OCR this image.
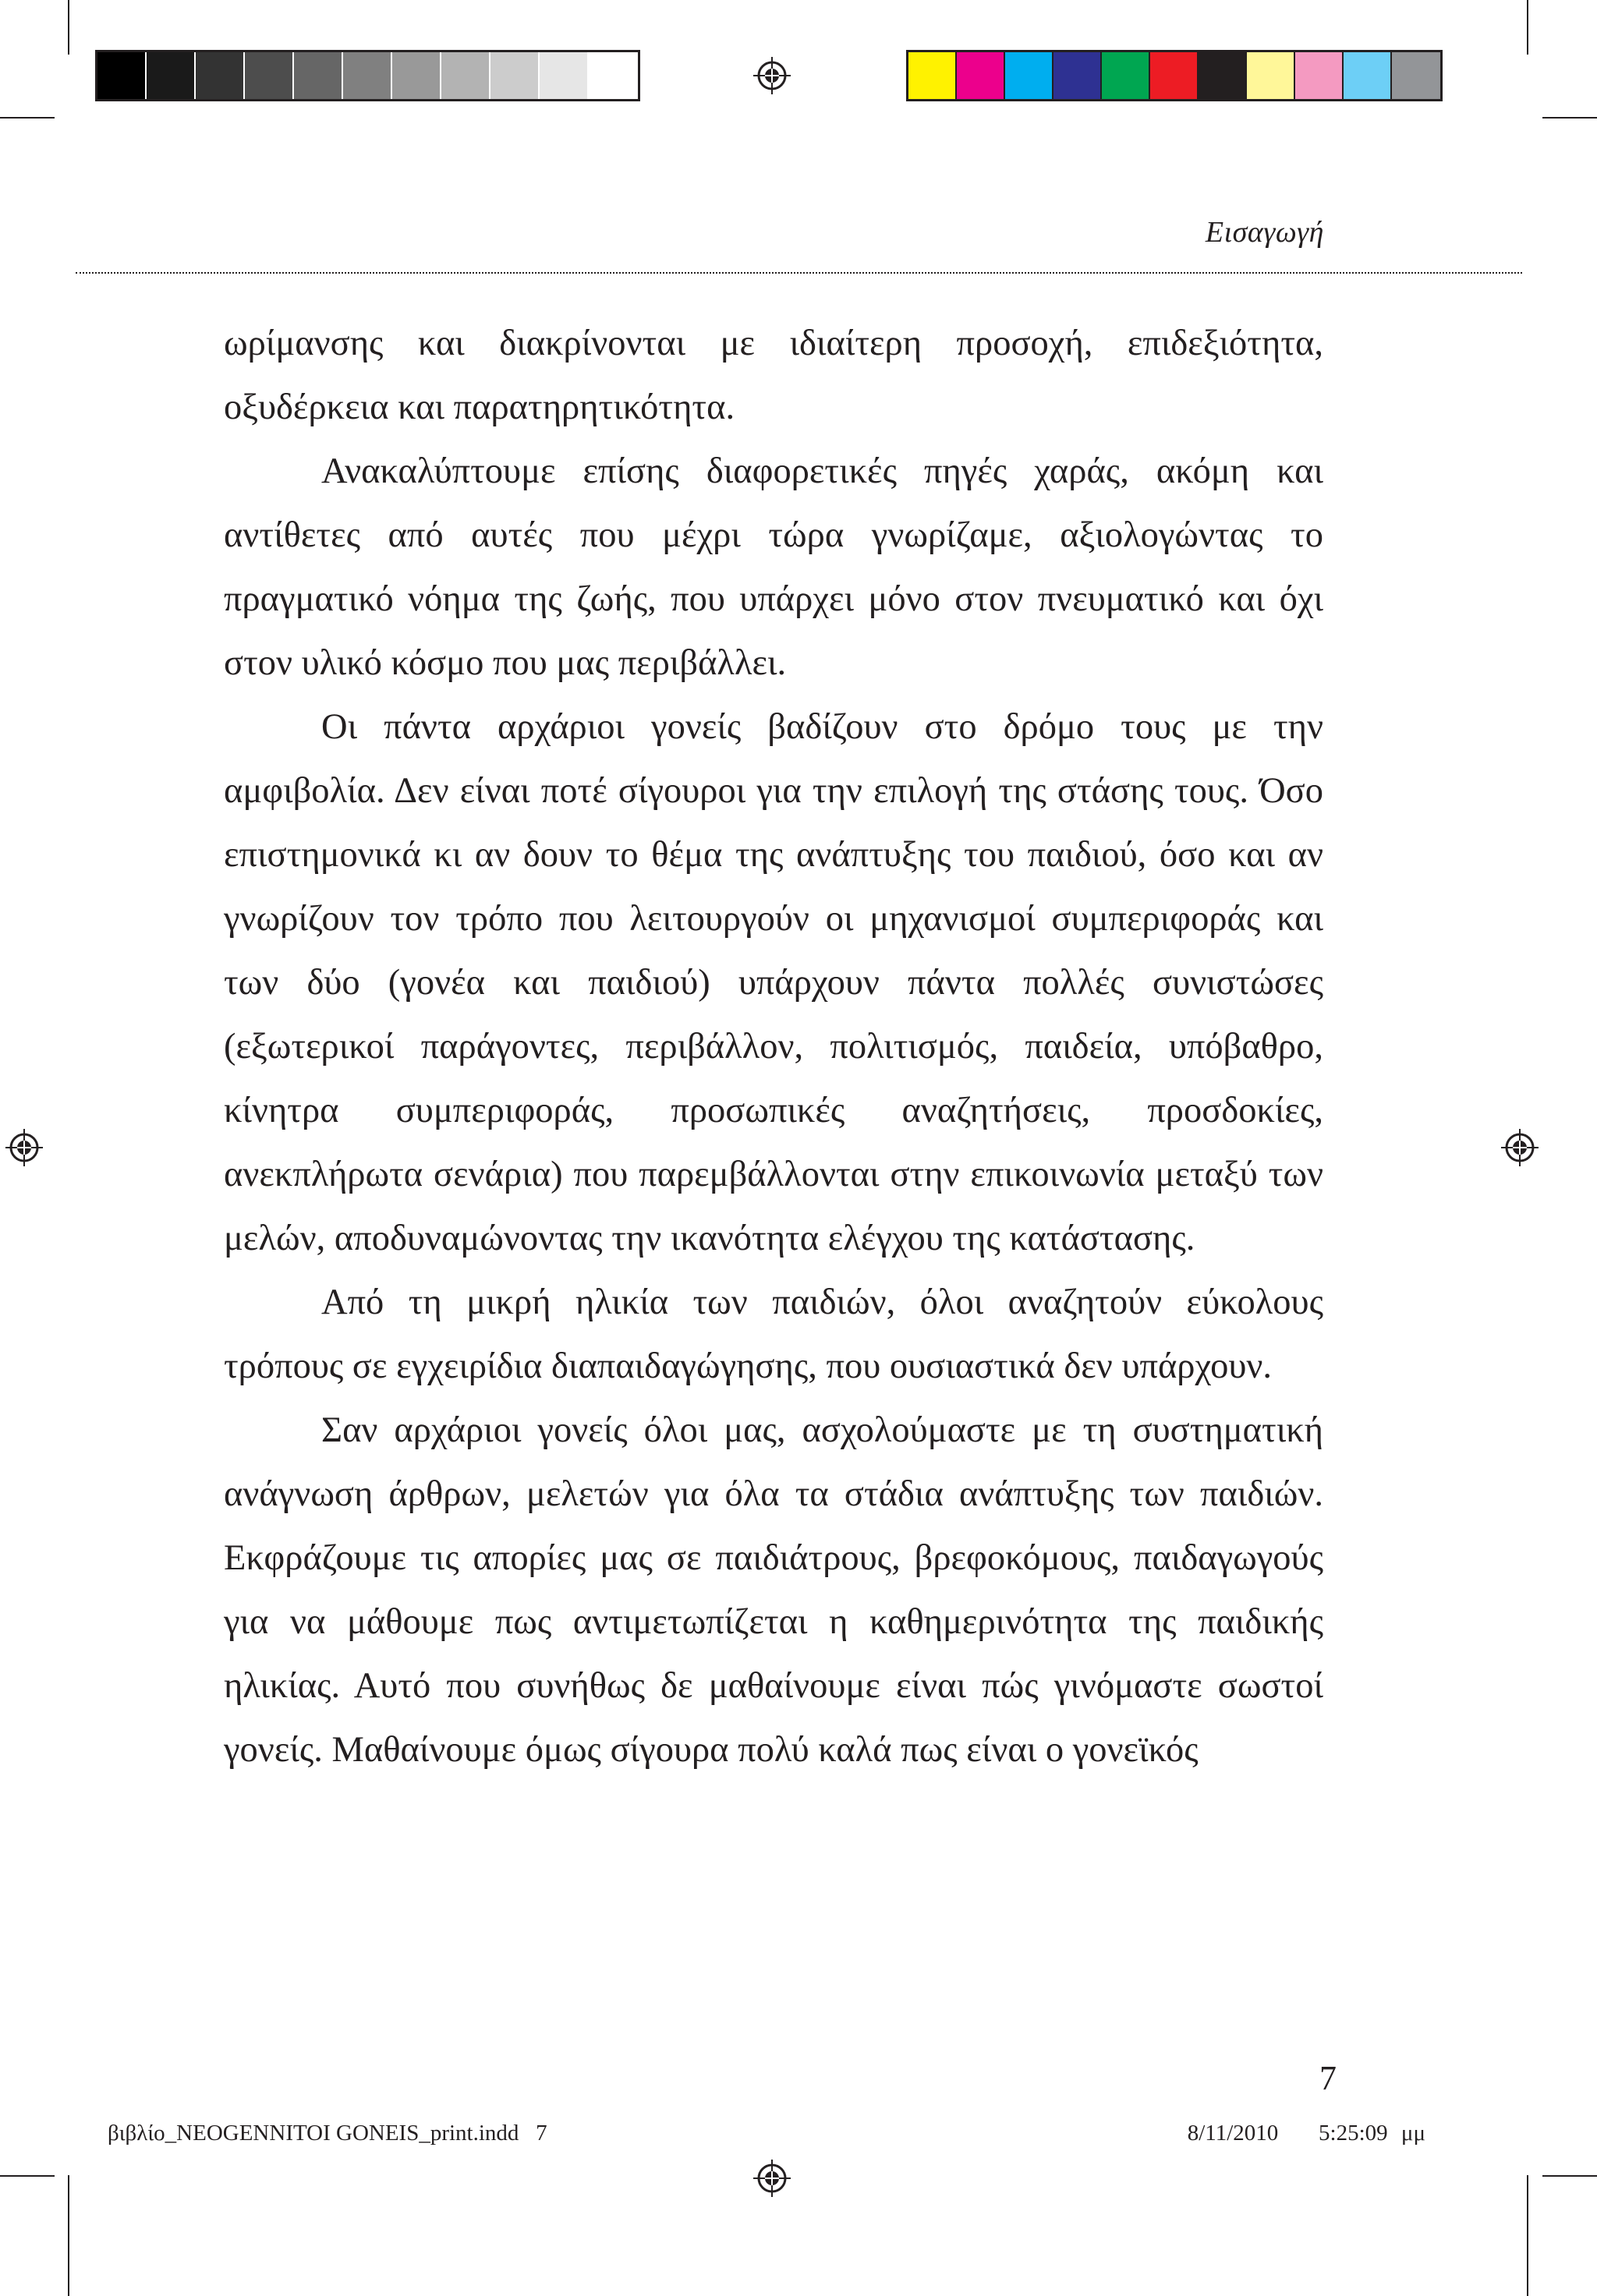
Εισαγωγή

ωρίμανσης και διακρίνονται με ιδιαίτερη προσοχή, επιδεξιότητα, οξυδέρκεια και παρατηρητικότητα.

Ανακαλύπτουμε επίσης διαφορετικές πηγές χαράς, ακόμη και αντίθετες από αυτές που μέχρι τώρα γνωρίζαμε, αξιολογώντας το πραγματικό νόημα της ζωής, που υπάρχει μόνο στον πνευματικό και όχι στον υλικό κόσμο που μας περιβάλλει.

Οι πάντα αρχάριοι γονείς βαδίζουν στο δρόμο τους με την αμφιβολία. Δεν είναι ποτέ σίγουροι για την επιλογή της στάσης τους. Όσο επιστημονικά κι αν δουν το θέμα της ανάπτυξης του παιδιού, όσο και αν γνωρίζουν τον τρόπο που λειτουργούν οι μηχανισμοί συμπεριφοράς και των δύο (γονέα και παιδιού) υπάρχουν πάντα πολλές συνιστώσες (εξωτερικοί παράγοντες, περιβάλλον, πολιτισμός, παιδεία, υπόβαθρο, κίνητρα συμπεριφοράς, προσωπικές αναζητήσεις, προσδοκίες, ανεκπλήρωτα σενάρια) που παρεμβάλλονται στην επικοινωνία μεταξύ των μελών, αποδυναμώνοντας την ικανότητα ελέγχου της κατάστασης.

Από τη μικρή ηλικία των παιδιών, όλοι αναζητούν εύκολους τρόπους σε εγχειρίδια διαπαιδαγώγησης, που ουσιαστικά δεν υπάρχουν.

Σαν αρχάριοι γονείς όλοι μας, ασχολούμαστε με τη συστηματική ανάγνωση άρθρων, μελετών για όλα τα στάδια ανάπτυξης των παιδιών. Εκφράζουμε τις απορίες μας σε παιδιάτρους, βρεφοκόμους, παιδαγωγούς για να μάθουμε πως αντιμετωπίζεται η καθημερινότητα της παιδικής ηλικίας. Αυτό που συνήθως δε μαθαίνουμε είναι πώς γινόμαστε σωστοί γονείς. Μαθαίνουμε όμως σίγουρα πολύ καλά πως είναι ο γονεϊκός

7
βιβλίο_NEOGENNITOI GONEIS_print.indd   7	8/11/2010   5:25:09 μμ
